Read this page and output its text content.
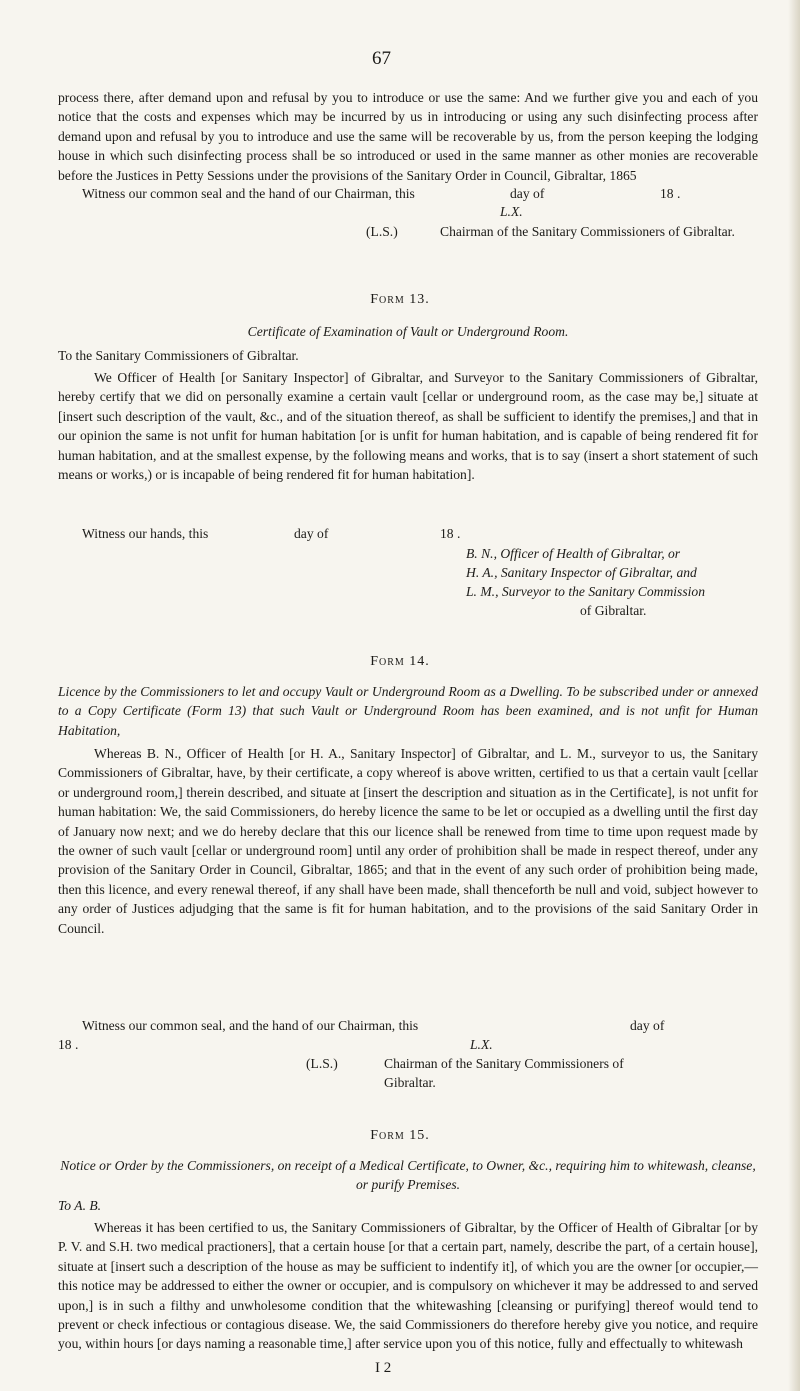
67
process there, after demand upon and refusal by you to introduce or use the same: And we further give you and each of you notice that the costs and expenses which may be incurred by us in introducing or using any such disinfecting process after demand upon and refusal by you to introduce and use the same will be recoverable by us, from the person keeping the lodging house in which such disinfecting process shall be so introduced or used in the same manner as other monies are recoverable before the Justices in Petty Sessions under the provisions of the Sanitary Order in Council, Gibraltar, 1865
Witness our common seal and the hand of our Chairman, this	day of	18 .
L.X.
(L.S.)	Chairman of the Sanitary Commissioners of Gibraltar.
Form 13.
Certificate of Examination of Vault or Underground Room.
To the Sanitary Commissioners of Gibraltar.
We Officer of Health [or Sanitary Inspector] of Gibraltar, and Surveyor to the Sanitary Commissioners of Gibraltar, hereby certify that we did on personally examine a certain vault [cellar or underground room, as the case may be,] situate at [insert such description of the vault, &c., and of the situation thereof, as shall be sufficient to identify the premises,] and that in our opinion the same is not unfit for human habitation [or is unfit for human habitation, and is capable of being rendered fit for human habitation, and at the smallest expense, by the following means and works, that is to say (insert a short statement of such means or works,) or is incapable of being rendered fit for human habitation].
Witness our hands, this	day of	18 .
B. N., Officer of Health of Gibraltar, or
H. A., Sanitary Inspector of Gibraltar, and
L. M., Surveyor to the Sanitary Commission
of Gibraltar.
Form 14.
Licence by the Commissioners to let and occupy Vault or Underground Room as a Dwelling. To be subscribed under or annexed to a Copy Certificate (Form 13) that such Vault or Underground Room has been examined, and is not unfit for Human Habitation,
Whereas B. N., Officer of Health [or H. A., Sanitary Inspector] of Gibraltar, and L. M., surveyor to us, the Sanitary Commissioners of Gibraltar, have, by their certificate, a copy whereof is above written, certified to us that a certain vault [cellar or underground room,] therein described, and situate at [insert the description and situation as in the Certificate], is not unfit for human habitation: We, the said Commissioners, do hereby licence the same to be let or occupied as a dwelling until the first day of January now next; and we do hereby declare that this our licence shall be renewed from time to time upon request made by the owner of such vault [cellar or underground room] until any order of prohibition shall be made in respect thereof, under any provision of the Sanitary Order in Council, Gibraltar, 1865; and that in the event of any such order of prohibition being made, then this licence, and every renewal thereof, if any shall have been made, shall thenceforth be null and void, subject however to any order of Justices adjudging that the same is fit for human habitation, and to the provisions of the said Sanitary Order in Council.
Witness our common seal, and the hand of our Chairman, this	day of
18 .	L.X.
(L.S.)	Chairman of the Sanitary Commissioners of
Gibraltar.
Form 15.
Notice or Order by the Commissioners, on receipt of a Medical Certificate, to Owner, &c., requiring him to whitewash, cleanse, or purify Premises.
To A. B.
Whereas it has been certified to us, the Sanitary Commissioners of Gibraltar, by the Officer of Health of Gibraltar [or by P. V. and S.H. two medical practioners], that a certain house [or that a certain part, namely, describe the part, of a certain house], situate at [insert such a description of the house as may be sufficient to indentify it], of which you are the owner [or occupier,—this notice may be addressed to either the owner or occupier, and is compulsory on whichever it may be addressed to and served upon,] is in such a filthy and unwholesome condition that the whitewashing [cleansing or purifying] thereof would tend to prevent or check infectious or contagious disease. We, the said Commissioners do therefore hereby give you notice, and require you, within hours [or days naming a reasonable time,] after service upon you of this notice, fully and effectually to whitewash
I 2
